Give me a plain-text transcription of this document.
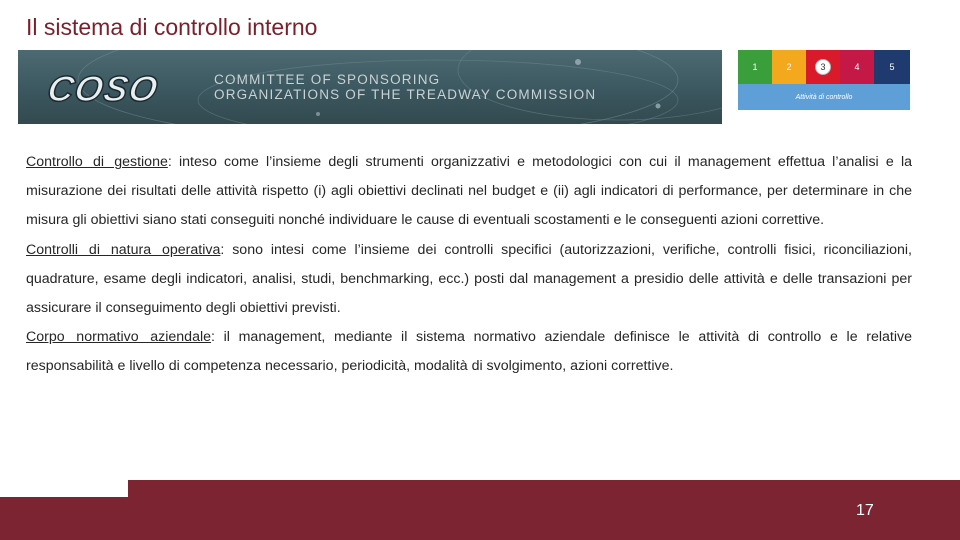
Il sistema di controllo interno
COSO	COMMITTEE OF SPONSORING
ORGANIZATIONS OF THE TREADWAY COMMISSION
1	2	3	4	5
Attività di controllo

Controllo di gestione: inteso come l’insieme degli strumenti organizzativi e metodologici con cui il management effettua l’analisi e la misurazione dei risultati delle attività rispetto (i) agli obiettivi declinati nel budget e (ii) agli indicatori di performance, per determinare in che misura gli obiettivi siano stati conseguiti nonché individuare le cause di eventuali scostamenti e le conseguenti azioni correttive.

Controlli di natura operativa: sono intesi come l’insieme dei controlli specifici (autorizzazioni, verifiche, controlli fisici, riconciliazioni, quadrature, esame degli indicatori, analisi, studi, benchmarking, ecc.) posti dal management a presidio delle attività e delle transazioni per assicurare il conseguimento degli obiettivi previsti.

Corpo normativo aziendale: il management, mediante il sistema normativo aziendale definisce le attività di controllo e le relative responsabilità e livello di competenza necessario, periodicità, modalità di svolgimento, azioni correttive.

17
